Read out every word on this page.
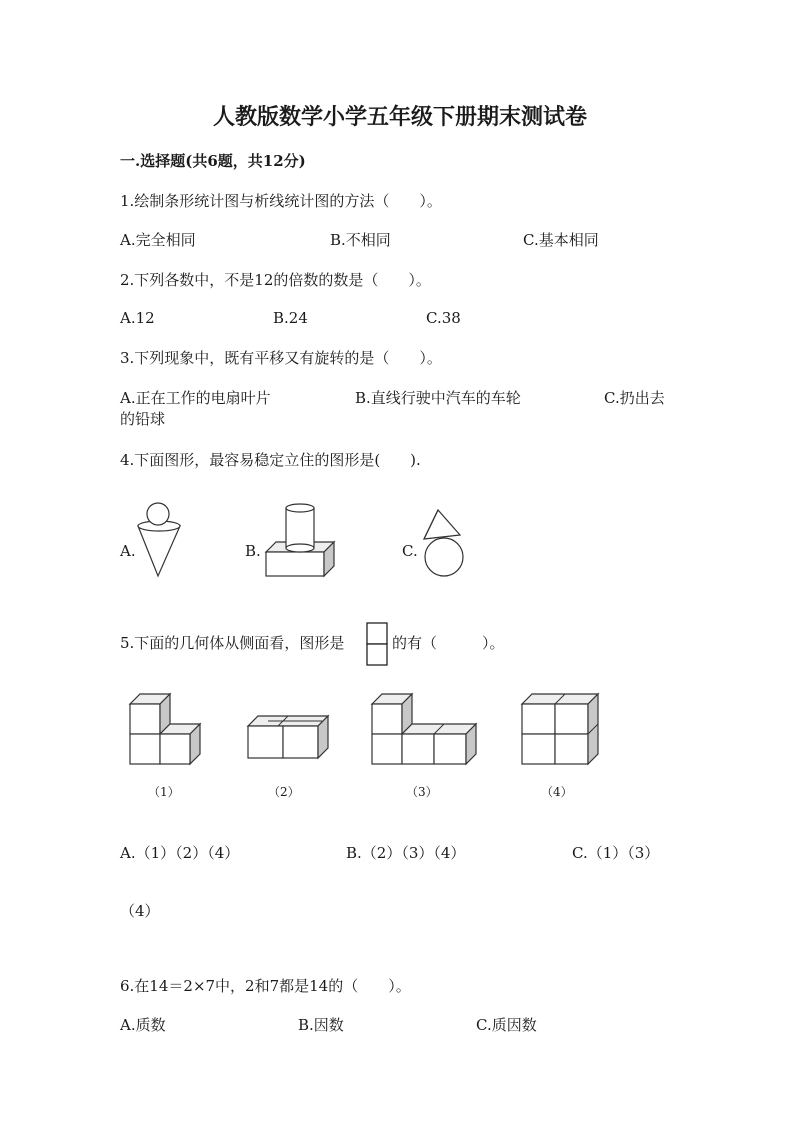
人教版数学小学五年级下册期末测试卷
一.选择题(共6题，共12分)
1.绘制条形统计图与析线统计图的方法（　　）。
A.完全相同	B.不相同	C.基本相同
2.下列各数中，不是12的倍数的数是（　　）。
A.12	B.24	C.38
3.下列现象中，既有平移又有旋转的是（　　）。
A.正在工作的电扇叶片	B.直线行驶中汽车的车轮	C.扔出去
的铅球
4.下面图形，最容易稳定立住的图形是(　　).
A.	B.	C.
5.下面的几何体从侧面看，图形是	的有（　　　）。
（1）	（2）	（3）	（4）
A.（1）（2）（4）	B.（2）（3）（4）	C.（1）（3）
（4）
6.在14＝2×7中，2和7都是14的（　　）。
A.质数	B.因数	C.质因数
